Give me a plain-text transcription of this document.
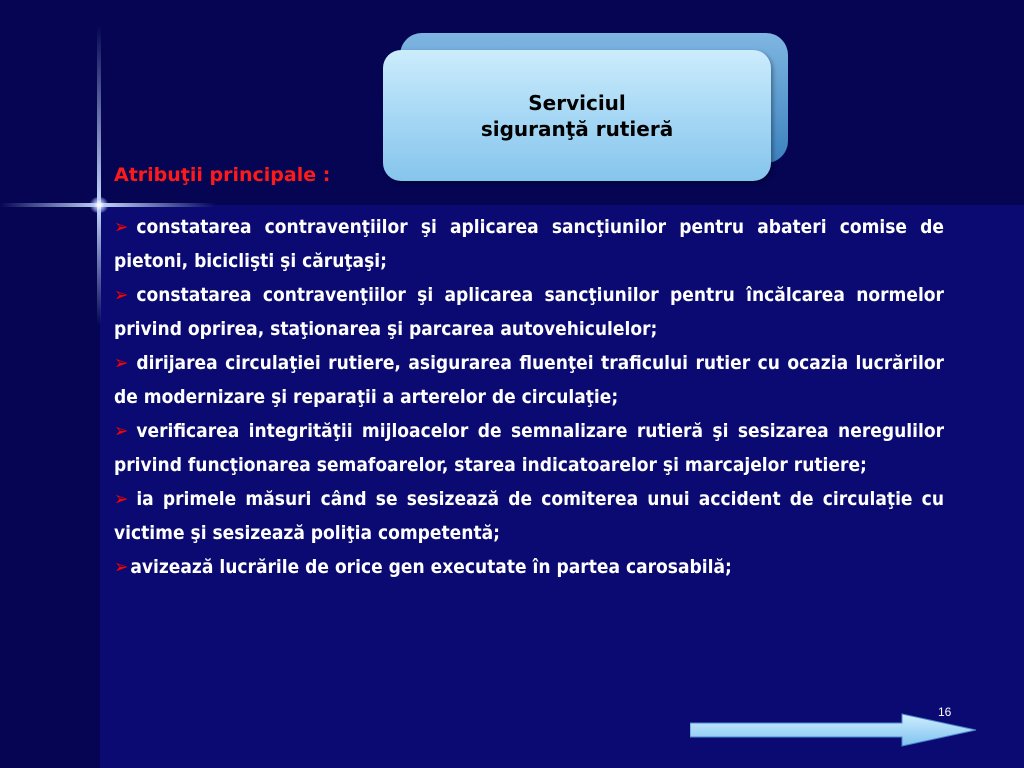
Serviciul
siguranţă rutieră
Atribuţii principale :

➢ constatarea contravenţiilor şi aplicarea sancţiunilor pentru abateri comise de pietoni, biciclişti şi căruţaşi;

➢ constatarea contravenţiilor şi aplicarea sancţiunilor pentru încălcarea normelor privind oprirea, staţionarea şi parcarea autovehiculelor;

➢ dirijarea circulaţiei rutiere, asigurarea fluenţei traficului rutier cu ocazia lucrărilor de modernizare şi reparaţii a arterelor de circulaţie;

➢ verificarea integrităţii mijloacelor de semnalizare rutieră şi sesizarea neregulilor privind funcţionarea semafoarelor, starea indicatoarelor şi marcajelor rutiere;

➢ ia primele măsuri când se sesizează de comiterea unui accident de circulaţie cu victime şi sesizează poliţia competentă;

➢ avizează lucrările de orice gen executate în partea carosabilă;

16
